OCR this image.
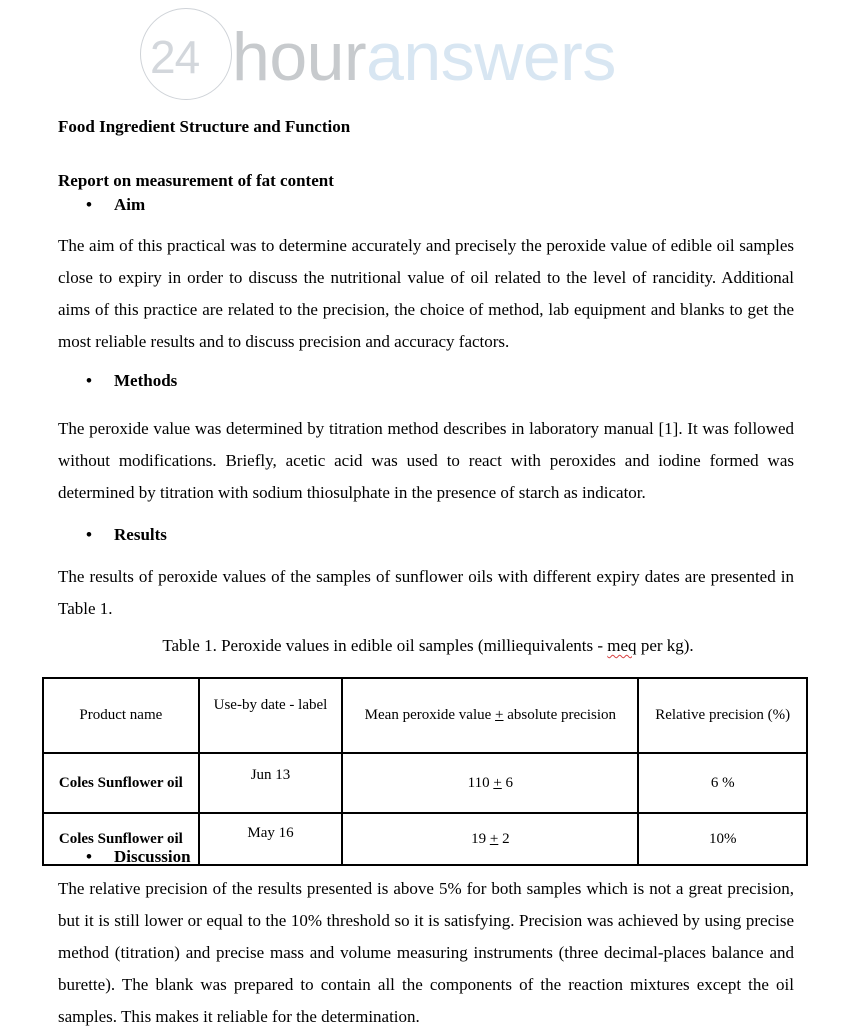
24 houranswers
Food Ingredient Structure and Function
Report on measurement of fat content
• Aim
The aim of this practical was to determine accurately and precisely the peroxide value of edible oil samples close to expiry in order to discuss the nutritional value of oil related to the level of rancidity. Additional aims of this practice are related to the precision, the choice of method, lab equipment and blanks to get the most reliable results and to discuss precision and accuracy factors.
• Methods
The peroxide value was determined by titration method describes in laboratory manual [1]. It was followed without modifications. Briefly, acetic acid was used to react with peroxides and iodine formed was determined by titration with sodium thiosulphate in the presence of starch as indicator.
• Results
The results of peroxide values of the samples of sunflower oils with different expiry dates are presented in Table 1.
Table 1. Peroxide values in edible oil samples (milliequivalents - meq per kg).
Product name	Use-by date - label	Mean peroxide value + absolute precision	Relative precision (%)
Coles Sunflower oil	Jun 13	110 + 6	6 %
Coles Sunflower oil	May 16	19 + 2	10%
• Discussion
The relative precision of the results presented is above 5% for both samples which is not a great precision, but it is still lower or equal to the 10% threshold so it is satisfying. Precision was achieved by using precise method (titration) and precise mass and volume measuring instruments (three decimal-places balance and burette). The blank was prepared to contain all the components of the reaction mixtures except the oil samples. This makes it reliable for the determination.
